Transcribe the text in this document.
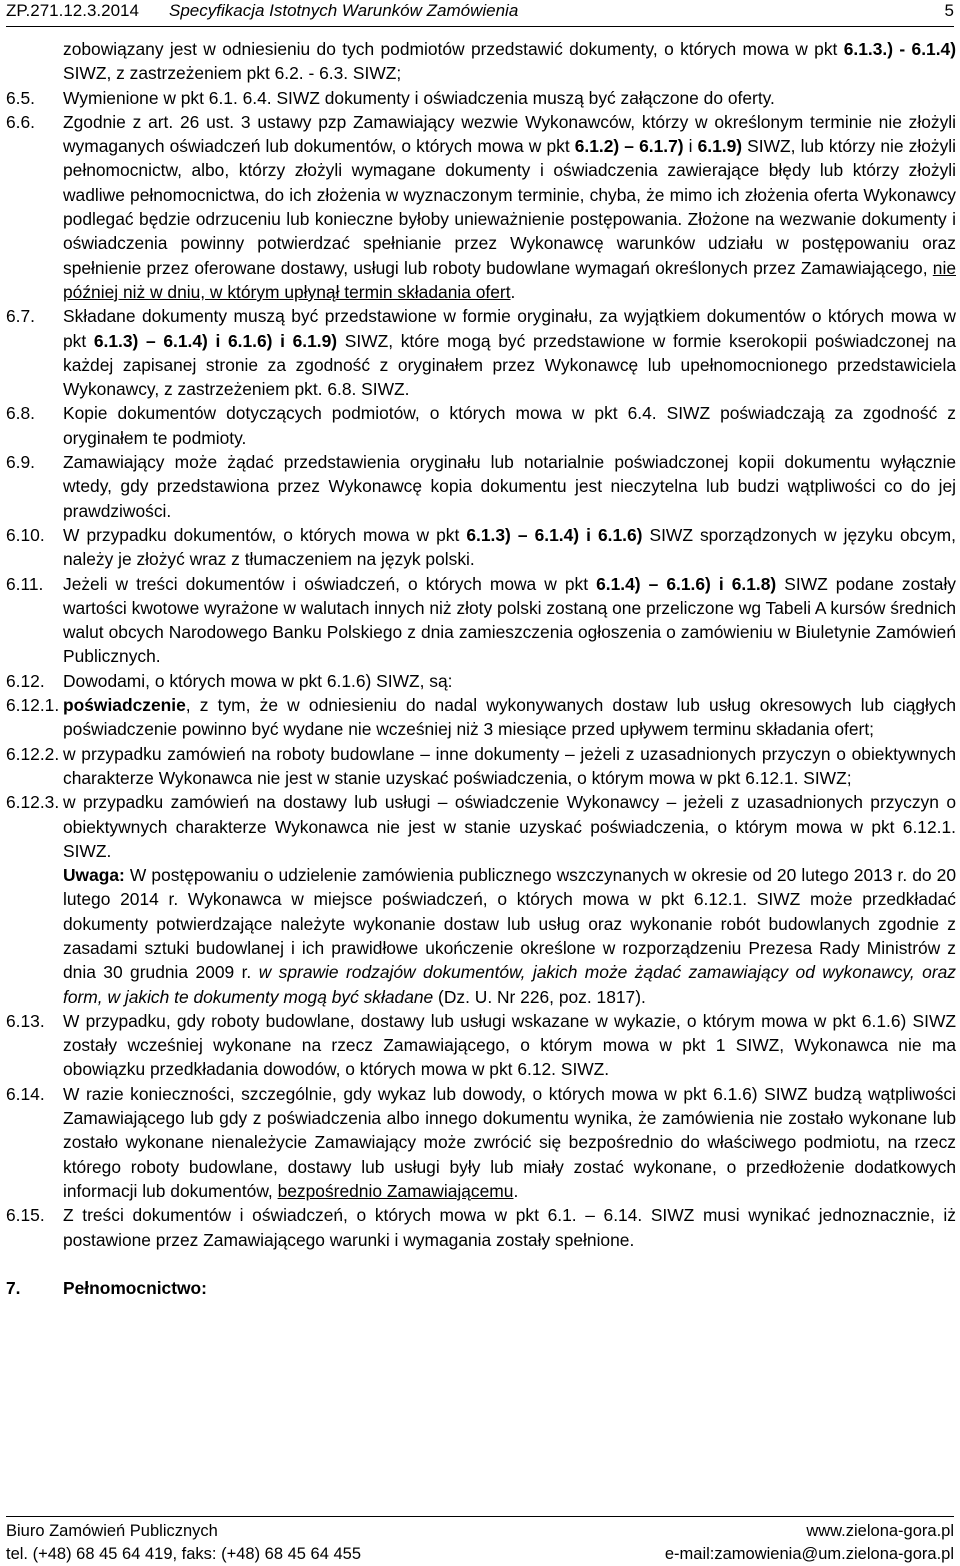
ZP.271.12.3.2014 Specyfikacja Istotnych Warunków Zamówienia	5
zobowiązany jest w odniesieniu do tych podmiotów przedstawić dokumenty, o których mowa w pkt 6.1.3.) - 6.1.4) SIWZ, z zastrzeżeniem pkt 6.2. - 6.3. SIWZ;
6.5. Wymienione w pkt 6.1. 6.4. SIWZ dokumenty i oświadczenia muszą być załączone do oferty.
6.6. Zgodnie z art. 26 ust. 3 ustawy pzp Zamawiający wezwie Wykonawców, którzy w określonym terminie nie złożyli wymaganych oświadczeń lub dokumentów, o których mowa w pkt 6.1.2) – 6.1.7) i 6.1.9) SIWZ, lub którzy nie złożyli pełnomocnictw, albo, którzy złożyli wymagane dokumenty i oświadczenia zawierające błędy lub którzy złożyli wadliwe pełnomocnictwa, do ich złożenia w wyznaczonym terminie, chyba, że mimo ich złożenia oferta Wykonawcy podlegać będzie odrzuceniu lub konieczne byłoby unieważnienie postępowania. Złożone na wezwanie dokumenty i oświadczenia powinny potwierdzać spełnianie przez Wykonawcę warunków udziału w postępowaniu oraz spełnienie przez oferowane dostawy, usługi lub roboty budowlane wymagań określonych przez Zamawiającego, nie później niż w dniu, w którym upłynął termin składania ofert.
6.7. Składane dokumenty muszą być przedstawione w formie oryginału, za wyjątkiem dokumentów o których mowa w pkt 6.1.3) – 6.1.4) i 6.1.6) i 6.1.9) SIWZ, które mogą być przedstawione w formie kserokopii poświadczonej na każdej zapisanej stronie za zgodność z oryginałem przez Wykonawcę lub upełnomocnionego przedstawiciela Wykonawcy, z zastrzeżeniem pkt. 6.8. SIWZ.
6.8. Kopie dokumentów dotyczących podmiotów, o których mowa w pkt 6.4. SIWZ poświadczają za zgodność z oryginałem te podmioty.
6.9. Zamawiający może żądać przedstawienia oryginału lub notarialnie poświadczonej kopii dokumentu wyłącznie wtedy, gdy przedstawiona przez Wykonawcę kopia dokumentu jest nieczytelna lub budzi wątpliwości co do jej prawdziwości.
6.10. W przypadku dokumentów, o których mowa w pkt 6.1.3) – 6.1.4) i 6.1.6) SIWZ sporządzonych w języku obcym, należy je złożyć wraz z tłumaczeniem na język polski.
6.11. Jeżeli w treści dokumentów i oświadczeń, o których mowa w pkt 6.1.4) – 6.1.6) i 6.1.8) SIWZ podane zostały wartości kwotowe wyrażone w walutach innych niż złoty polski zostaną one przeliczone wg Tabeli A kursów średnich walut obcych Narodowego Banku Polskiego z dnia zamieszczenia ogłoszenia o zamówieniu w Biuletynie Zamówień Publicznych.
6.12. Dowodami, o których mowa w pkt 6.1.6) SIWZ, są:
6.12.1. poświadczenie, z tym, że w odniesieniu do nadal wykonywanych dostaw lub usług okresowych lub ciągłych poświadczenie powinno być wydane nie wcześniej niż 3 miesiące przed upływem terminu składania ofert;
6.12.2. w przypadku zamówień na roboty budowlane – inne dokumenty – jeżeli z uzasadnionych przyczyn o obiektywnych charakterze Wykonawca nie jest w stanie uzyskać poświadczenia, o którym mowa w pkt 6.12.1. SIWZ;
6.12.3. w przypadku zamówień na dostawy lub usługi – oświadczenie Wykonawcy – jeżeli z uzasadnionych przyczyn o obiektywnych charakterze Wykonawca nie jest w stanie uzyskać poświadczenia, o którym mowa w pkt 6.12.1. SIWZ.
Uwaga: W postępowaniu o udzielenie zamówienia publicznego wszczynanych w okresie od 20 lutego 2013 r. do 20 lutego 2014 r. Wykonawca w miejsce poświadczeń, o których mowa w pkt 6.12.1. SIWZ może przedkładać dokumenty potwierdzające należyte wykonanie dostaw lub usług oraz wykonanie robót budowlanych zgodnie z zasadami sztuki budowlanej i ich prawidłowe ukończenie określone w rozporządzeniu Prezesa Rady Ministrów z dnia 30 grudnia 2009 r. w sprawie rodzajów dokumentów, jakich może żądać zamawiający od wykonawcy, oraz form, w jakich te dokumenty mogą być składane (Dz. U. Nr 226, poz. 1817).
6.13. W przypadku, gdy roboty budowlane, dostawy lub usługi wskazane w wykazie, o którym mowa w pkt 6.1.6) SIWZ zostały wcześniej wykonane na rzecz Zamawiającego, o którym mowa w pkt 1 SIWZ, Wykonawca nie ma obowiązku przedkładania dowodów, o których mowa w pkt 6.12. SIWZ.
6.14. W razie konieczności, szczególnie, gdy wykaz lub dowody, o których mowa w pkt 6.1.6) SIWZ budzą wątpliwości Zamawiającego lub gdy z poświadczenia albo innego dokumentu wynika, że zamówienia nie zostało wykonane lub zostało wykonane nienależycie Zamawiający może zwrócić się bezpośrednio do właściwego podmiotu, na rzecz którego roboty budowlane, dostawy lub usługi były lub miały zostać wykonane, o przedłożenie dodatkowych informacji lub dokumentów, bezpośrednio Zamawiającemu.
6.15. Z treści dokumentów i oświadczeń, o których mowa w pkt 6.1. – 6.14. SIWZ musi wynikać jednoznacznie, iż postawione przez Zamawiającego warunki i wymagania zostały spełnione.
7. Pełnomocnictwo:
Biuro Zamówień Publicznych	www.zielona-gora.pl
tel. (+48) 68 45 64 419, faks: (+48) 68 45 64 455	e-mail:zamowienia@um.zielona-gora.pl
